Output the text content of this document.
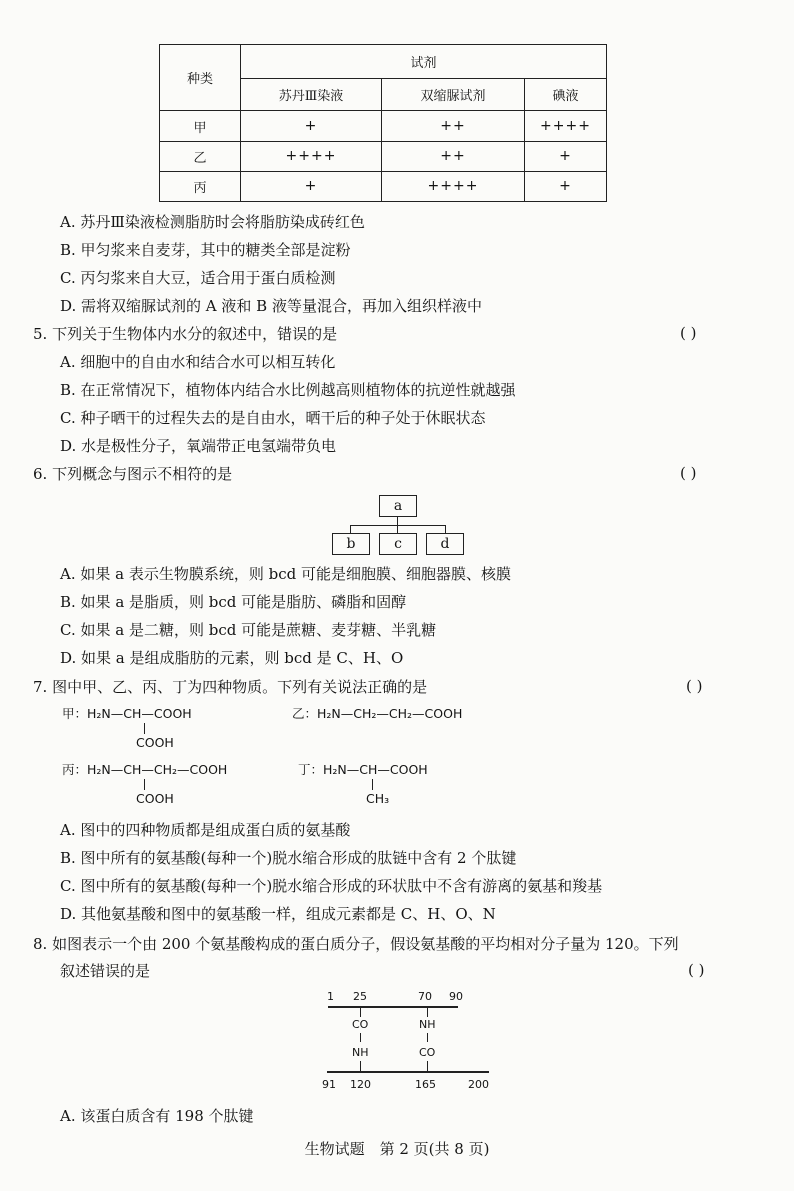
种类	试剂		
	苏丹Ⅲ染液	双缩脲试剂	碘液
甲	+	++	++++
乙	++++	++	+
丙	+	++++	+
A. 苏丹Ⅲ染液检测脂肪时会将脂肪染成砖红色
B. 甲匀浆来自麦芽，其中的糖类全部是淀粉
C. 丙匀浆来自大豆，适合用于蛋白质检测
D. 需将双缩脲试剂的 A 液和 B 液等量混合，再加入组织样液中
5. 下列关于生物体内水分的叙述中，错误的是	( )
A. 细胞中的自由水和结合水可以相互转化
B. 在正常情况下，植物体内结合水比例越高则植物体的抗逆性就越强
C. 种子晒干的过程失去的是自由水，晒干后的种子处于休眠状态
D. 水是极性分子，氧端带正电氢端带负电
6. 下列概念与图示不相符的是	( )
a
b	c	d
A. 如果 a 表示生物膜系统，则 bcd 可能是细胞膜、细胞器膜、核膜
B. 如果 a 是脂质，则 bcd 可能是脂肪、磷脂和固醇
C. 如果 a 是二糖，则 bcd 可能是蔗糖、麦芽糖、半乳糖
D. 如果 a 是组成脂肪的元素，则 bcd 是 C、H、O
7. 图中甲、乙、丙、丁为四种物质。下列有关说法正确的是	( )
甲：H₂N—CH—COOH
COOH
乙：H₂N—CH₂—CH₂—COOH
丙：H₂N—CH—CH₂—COOH
COOH
丁：H₂N—CH—COOH
CH₃
A. 图中的四种物质都是组成蛋白质的氨基酸
B. 图中所有的氨基酸(每种一个)脱水缩合形成的肽链中含有 2 个肽键
C. 图中所有的氨基酸(每种一个)脱水缩合形成的环状肽中不含有游离的氨基和羧基
D. 其他氨基酸和图中的氨基酸一样，组成元素都是 C、H、O、N
8. 如图表示一个由 200 个氨基酸构成的蛋白质分子，假设氨基酸的平均相对分子量为 120。下列
叙述错误的是	( )
1 25	70 90
CO
NH
NH
CO
91 120	165	200
A. 该蛋白质含有 198 个肽键
生物试题　第 2 页(共 8 页)
